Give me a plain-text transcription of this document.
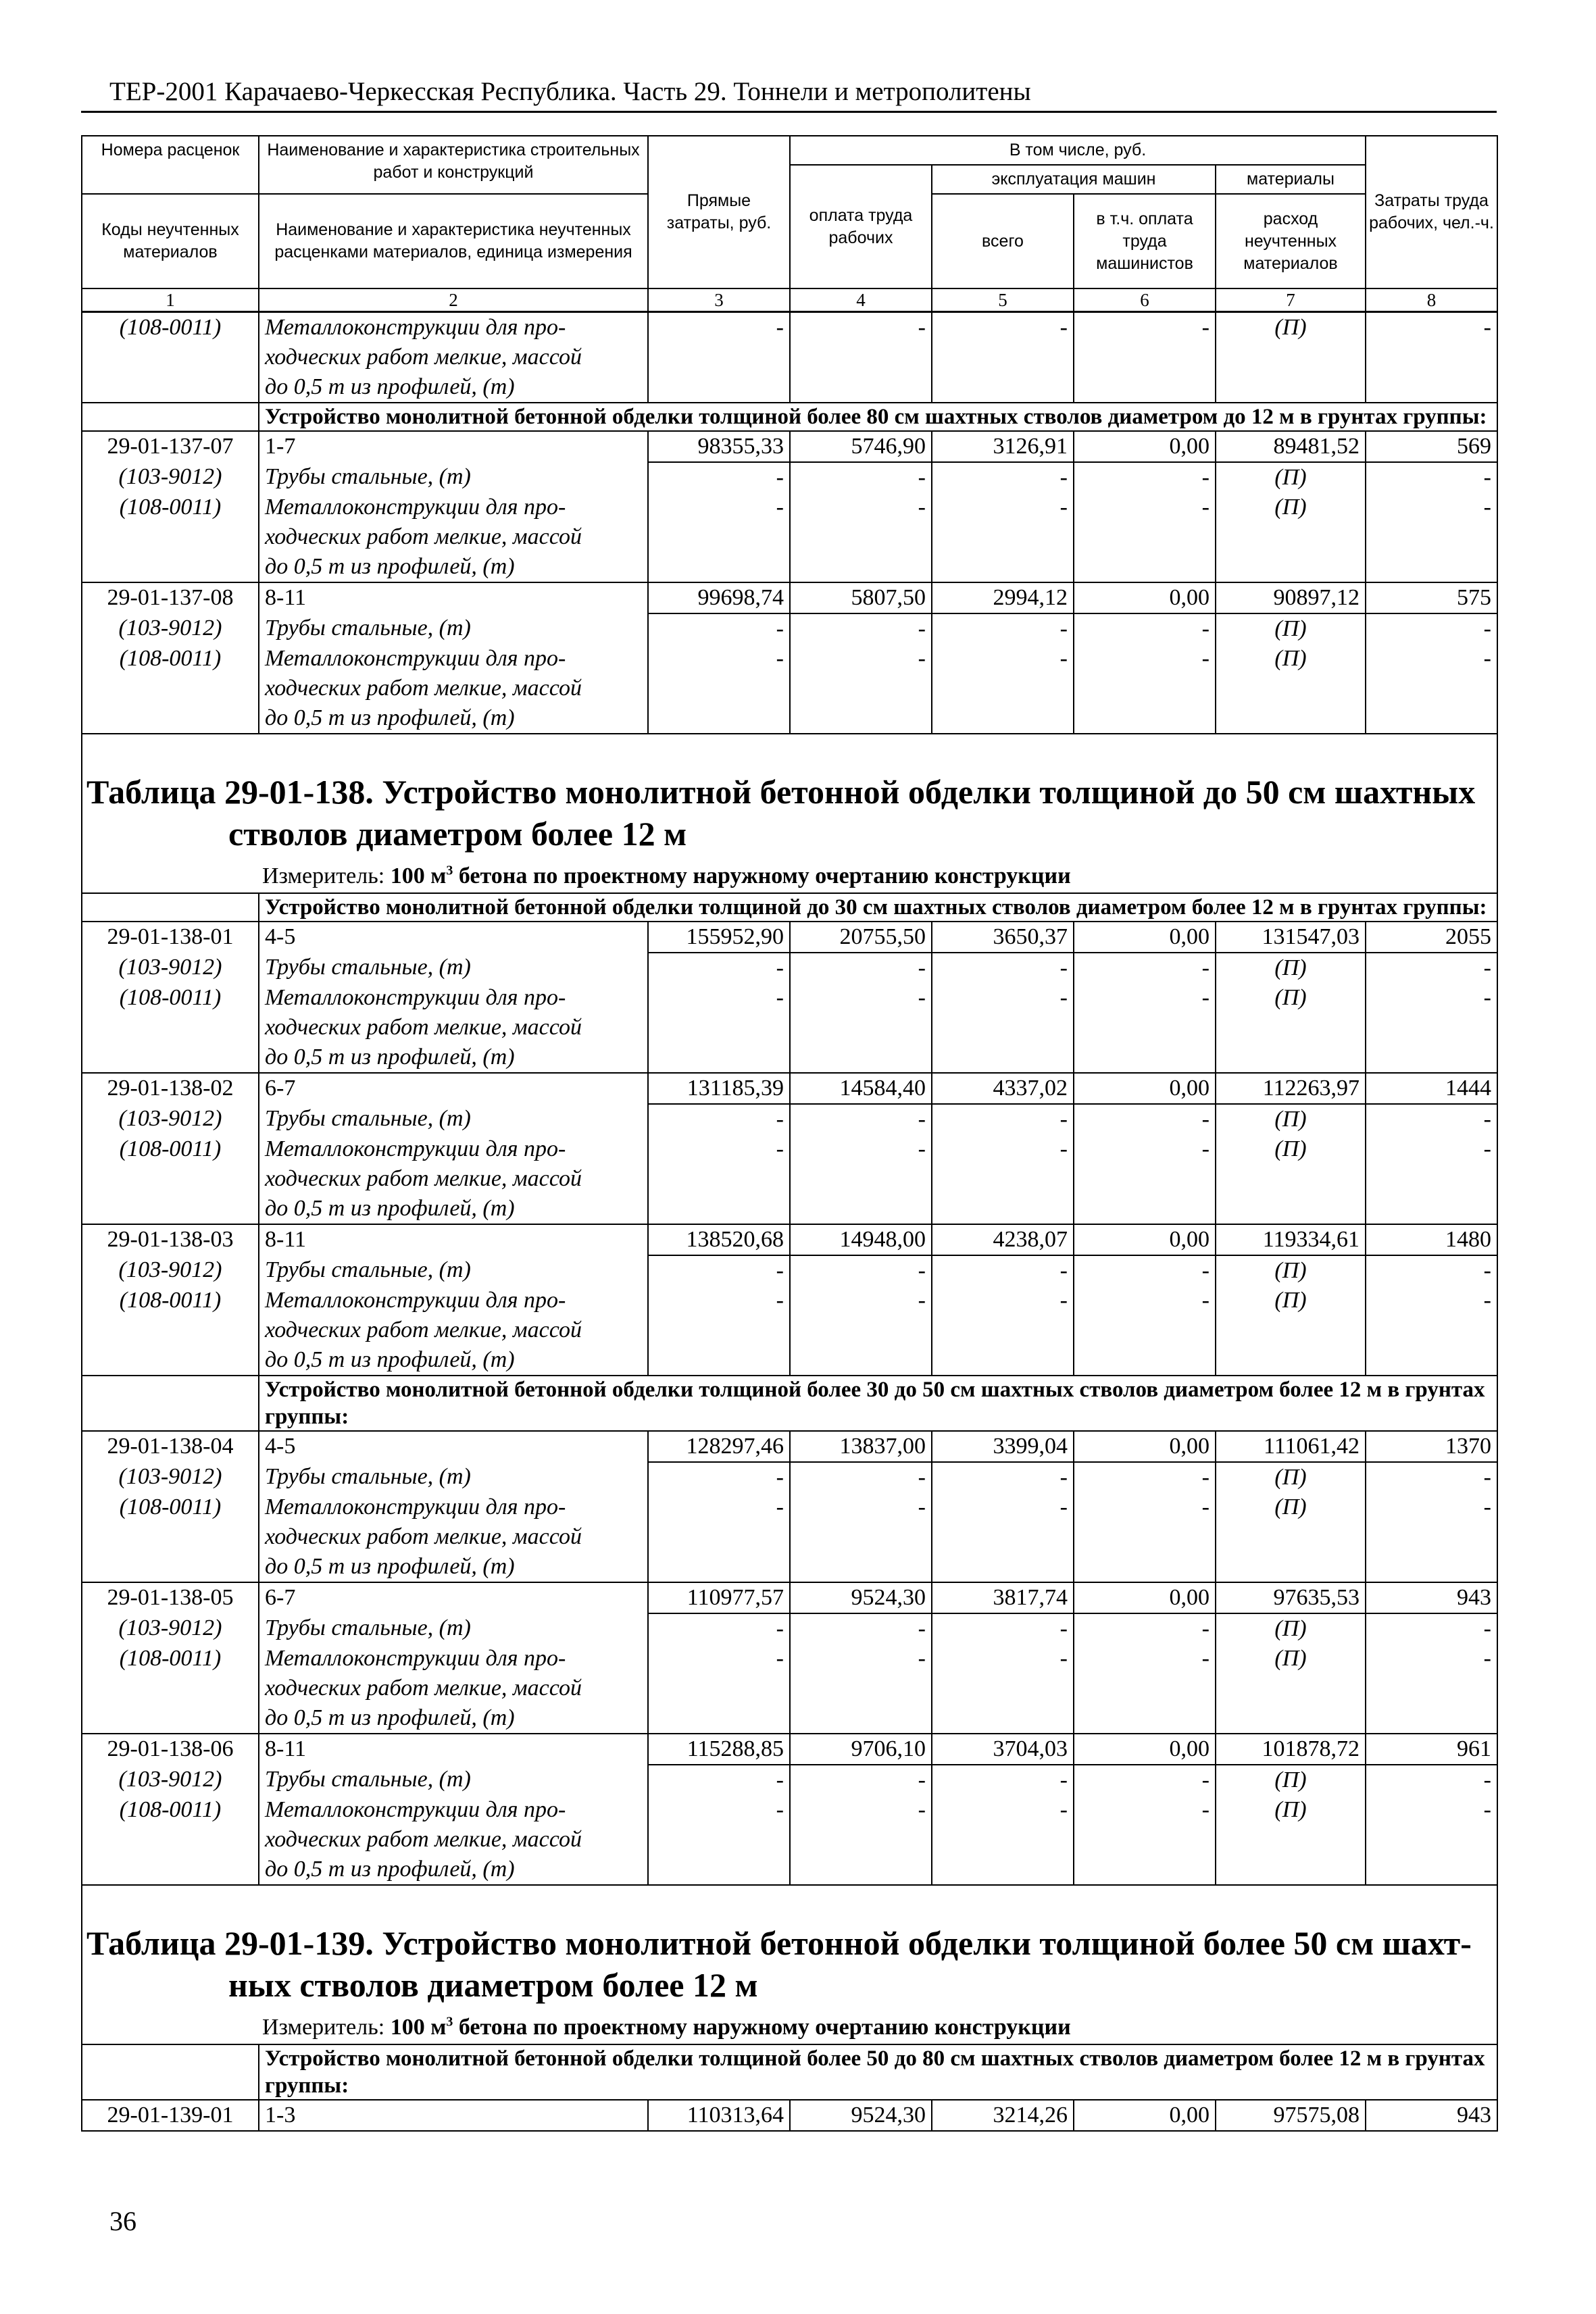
ТЕР-2001 Карачаево-Черкесская Республика. Часть 29. Тоннели и метрополитены
Номера расценок	Наименование и характеристика строительных работ и конструкций	Прямые затраты, руб.	В том числе, руб.				Затраты труда рабочих, чел.-ч.
			оплата труда рабочих	эксплуатация машин		материалы	
Коды неучтенных материалов	Наименование и характеристика неучтенных расценками материалов, единица измерения			всего	в т.ч. оплата труда машинистов	расход неучтенных материалов	

1	2	3	4	5	6	7	8
(108-0011)	Металлоконструкции для про-	-	-	-	-	(П)	-
	ходческих работ мелкие, массой						
	до 0,5 т из профилей, (т)						
	Устройство монолитной бетонной обделки толщиной более 80 см шахтных стволов диаметром до 12 м в грунтах группы:						
29-01-137-07	1-7	98355,33	5746,90	3126,91	0,00	89481,52	569
(103-9012)	Трубы стальные, (т)	-	-	-	-	(П)	-
(108-0011)	Металлоконструкции для про-	-	-	-	-	(П)	-
	ходческих работ мелкие, массой						
	до 0,5 т из профилей, (т)						
29-01-137-08	8-11	99698,74	5807,50	2994,12	0,00	90897,12	575
(103-9012)	Трубы стальные, (т)	-	-	-	-	(П)	-
(108-0011)	Металлоконструкции для про-	-	-	-	-	(П)	-
	ходческих работ мелкие, массой						
	до 0,5 т из профилей, (т)						

Таблица 29-01-138. Устройство монолитной бетонной обделки толщиной до 50 см шахтных
стволов диаметром более 12 м							

Измеритель: 100 $м^3$ бетона по проектному наружному очертанию конструкции							
	Устройство монолитной бетонной обделки толщиной до 30 см шахтных стволов диаметром более 12 м в грунтах группы:						
29-01-138-01	4-5	155952,90	20755,50	3650,37	0,00	131547,03	2055
(103-9012)	Трубы стальные, (т)	-	-	-	-	(П)	-
(108-0011)	Металлоконструкции для про-	-	-	-	-	(П)	-
	ходческих работ мелкие, массой						
	до 0,5 т из профилей, (т)						
29-01-138-02	6-7	131185,39	14584,40	4337,02	0,00	112263,97	1444
(103-9012)	Трубы стальные, (т)	-	-	-	-	(П)	-
(108-0011)	Металлоконструкции для про-	-	-	-	-	(П)	-
	ходческих работ мелкие, массой						
	до 0,5 т из профилей, (т)						
29-01-138-03	8-11	138520,68	14948,00	4238,07	0,00	119334,61	1480
(103-9012)	Трубы стальные, (т)	-	-	-	-	(П)	-
(108-0011)	Металлоконструкции для про-	-	-	-	-	(П)	-
	ходческих работ мелкие, массой						
	до 0,5 т из профилей, (т)						
	Устройство монолитной бетонной обделки толщиной более 30 до 50 см шахтных стволов диаметром более 12 м в грунтах группы:						
29-01-138-04	4-5	128297,46	13837,00	3399,04	0,00	111061,42	1370
(103-9012)	Трубы стальные, (т)	-	-	-	-	(П)	-
(108-0011)	Металлоконструкции для про-	-	-	-	-	(П)	-
	ходческих работ мелкие, массой						
	до 0,5 т из профилей, (т)						
29-01-138-05	6-7	110977,57	9524,30	3817,74	0,00	97635,53	943
(103-9012)	Трубы стальные, (т)	-	-	-	-	(П)	-
(108-0011)	Металлоконструкции для про-	-	-	-	-	(П)	-
	ходческих работ мелкие, массой						
	до 0,5 т из профилей, (т)						
29-01-138-06	8-11	115288,85	9706,10	3704,03	0,00	101878,72	961
(103-9012)	Трубы стальные, (т)	-	-	-	-	(П)	-
(108-0011)	Металлоконструкции для про-	-	-	-	-	(П)	-
	ходческих работ мелкие, массой						
	до 0,5 т из профилей, (т)						

Таблица 29-01-139. Устройство монолитной бетонной обделки толщиной более 50 см шахт-
ных стволов диаметром более 12 м							

Измеритель: 100 $м^3$ бетона по проектному наружному очертанию конструкции							
	Устройство монолитной бетонной обделки толщиной более 50 до 80 см шахтных стволов диаметром более 12 м в грунтах группы:						
29-01-139-01	1-3	110313,64	9524,30	3214,26	0,00	97575,08	943
36
